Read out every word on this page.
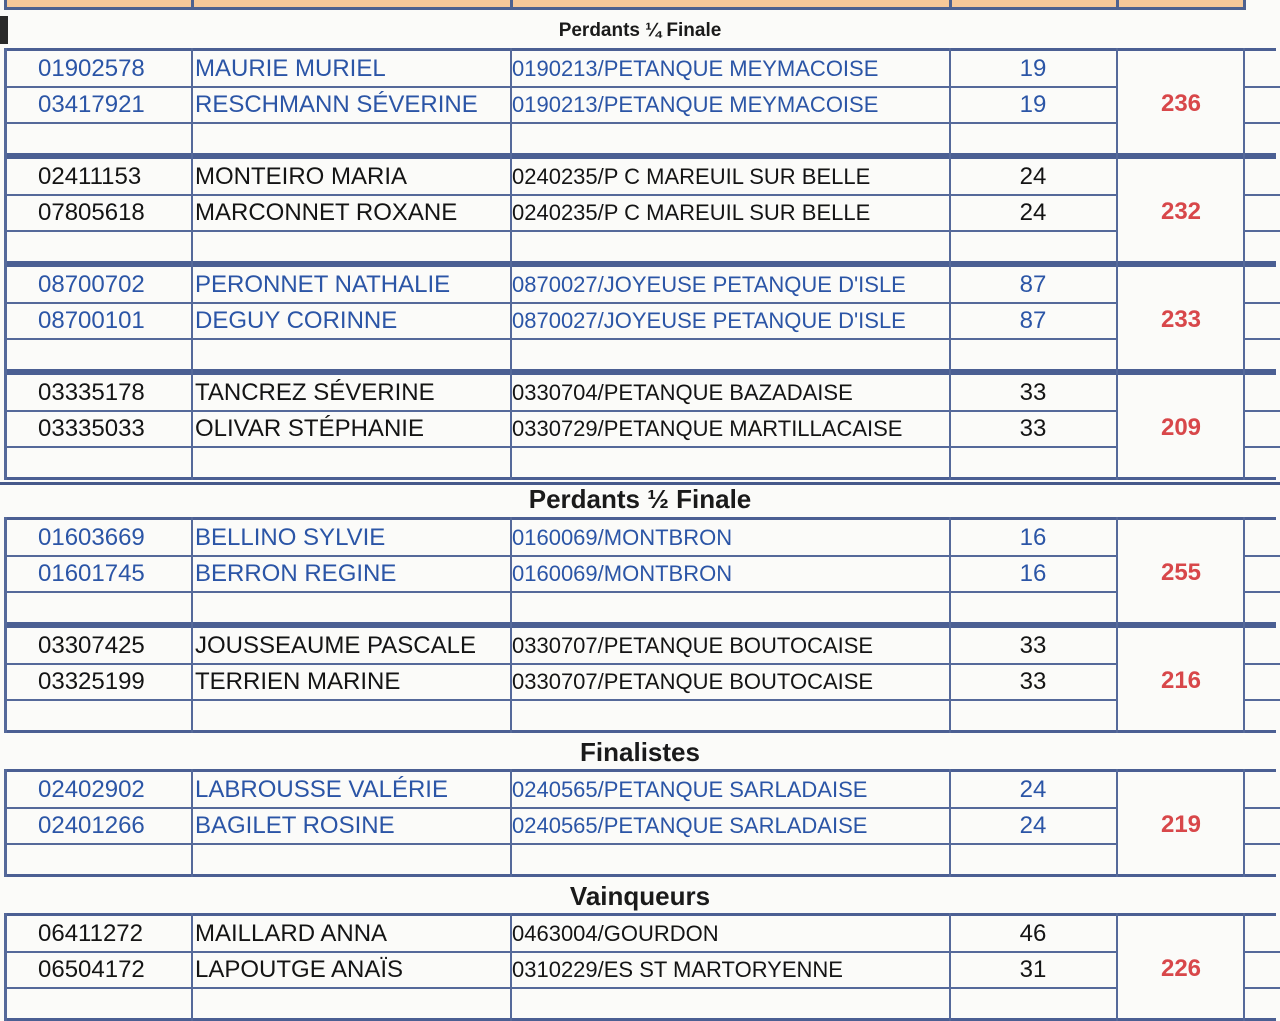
Perdants ¼ Finale
01902578 MAURIE MURIEL	0190213/PETANQUE MEYMACOISE	19
03417921 RESCHMANN SÉVERINE 0190213/PETANQUE MEYMACOISE	19	236
02411153 MONTEIRO MARIA	0240235/P C MAREUIL SUR BELLE	24
07805618 MARCONNET ROXANE 0240235/P C MAREUIL SUR BELLE	24	232
08700702 PERONNET NATHALIE	0870027/JOYEUSE PETANQUE D'ISLE	87
08700101 DEGUY CORINNE	0870027/JOYEUSE PETANQUE D'ISLE	87	233
03335178 TANCREZ SÉVERINE	0330704/PETANQUE BAZADAISE	33
03335033 OLIVAR STÉPHANIE	0330729/PETANQUE MARTILLACAISE	33	209
Perdants ½ Finale
01603669 BELLINO SYLVIE	0160069/MONTBRON	16
01601745 BERRON REGINE	0160069/MONTBRON	16	255
03307425 JOUSSEAUME PASCALE 0330707/PETANQUE BOUTOCAISE	33
03325199 TERRIEN MARINE	0330707/PETANQUE BOUTOCAISE	33	216
Finalistes
02402902 LABROUSSE VALÉRIE	0240565/PETANQUE SARLADAISE	24
02401266 BAGILET ROSINE	0240565/PETANQUE SARLADAISE	24	219
Vainqueurs
06411272 MAILLARD ANNA	0463004/GOURDON	46
06504172 LAPOUTGE ANAÏS	0310229/ES ST MARTORYENNE	31	226
